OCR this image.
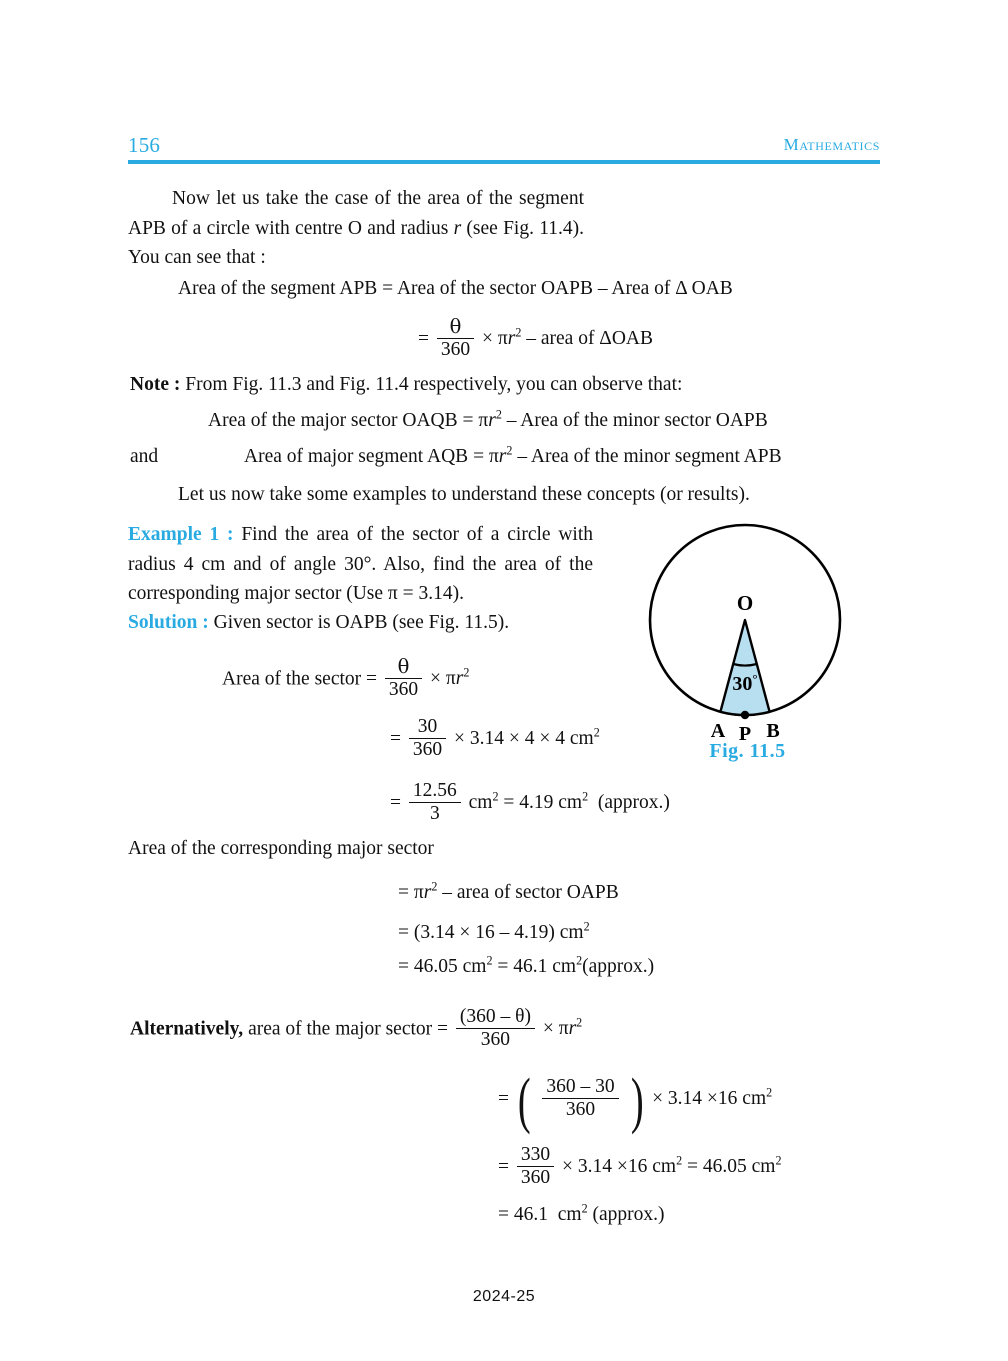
156	Mathematics
Now let us take the case of the area of the segment APB of a circle with centre O and radius r (see Fig. 11.4). You can see that :
Area of the segment APB = Area of the sector OAPB – Area of Δ OAB
= $\frac{\theta}{360} \times \pi r^2$ – area of ΔOAB
Note : From Fig. 11.3 and Fig. 11.4 respectively, you can observe that:
Area of the major sector OAQB = $\pi r^2$ – Area of the minor sector OAPB
and	Area of major segment AQB = $\pi r^2$ – Area of the minor segment APB
Let us now take some examples to understand these concepts (or results).
Example 1 : Find the area of the sector of a circle with radius 4 cm and of angle 30°. Also, find the area of the corresponding major sector (Use π = 3.14).
Solution : Given sector is OAPB (see Fig. 11.5).
O
30°
A P B
Fig. 11.5
Area of the sector = $\frac{\theta}{360} \times \pi r^2$
= $\frac{30}{360} \times 3.14 \times 4 \times 4$ $cm^2$
= $\frac{12.56}{3} cm^2 = 4.19$ $cm^2$  (approx.)
Area of the corresponding major sector
= $\pi r^2$ – area of sector OAPB
= (3.14 × 16 – 4.19) $cm^2$
= 46.05 $cm^2 = 46.1$ $cm^2(approx.)$
Alternatively, area of the major sector = $\frac{(360 - \theta)}{360} \times \pi r^2$
= ( $\frac{360 - 30}{360}$ ) × 3.14 ×16 $cm^2$
= $\frac{330}{360} \times 3.14 \times 16$ $cm^2 = 46.05$ $cm^2$
= 46.1  $cm^2$ (approx.)
2024-25
